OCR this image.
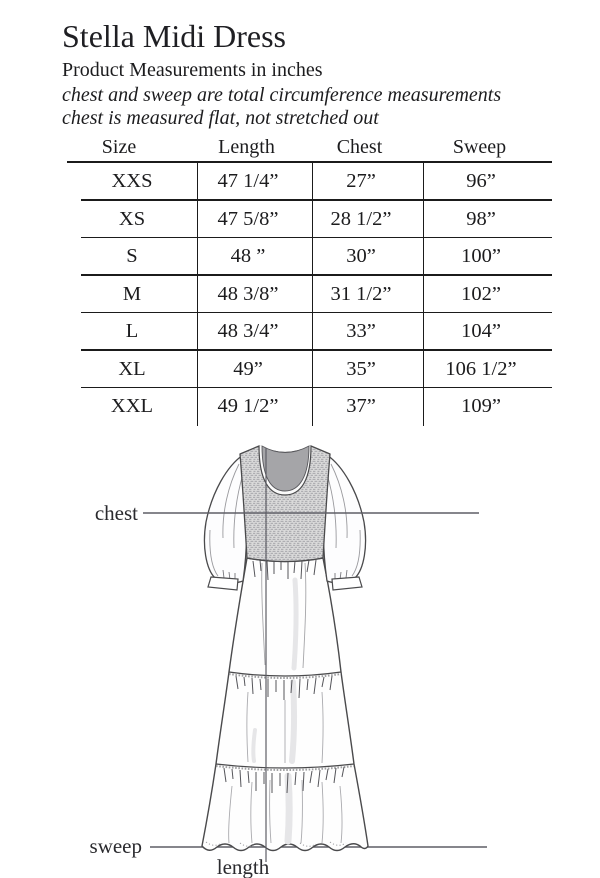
Stella Midi Dress
Product Measurements in inches
chest and sweep are total circumference measurements
chest is measured flat, not stretched out
Size	Length	Chest	Sweep
XXS	47 1/4”	27”	96”
XS	47 5/8”	28 1/2”	98”
S	48 ”	30”	100”
M	48 3/8”	31 1/2”	102”
L	48 3/4”	33”	104”
XL	49”	35”	106 1/2”
XXL	49 1/2”	37”	109”
chest
sweep
length
